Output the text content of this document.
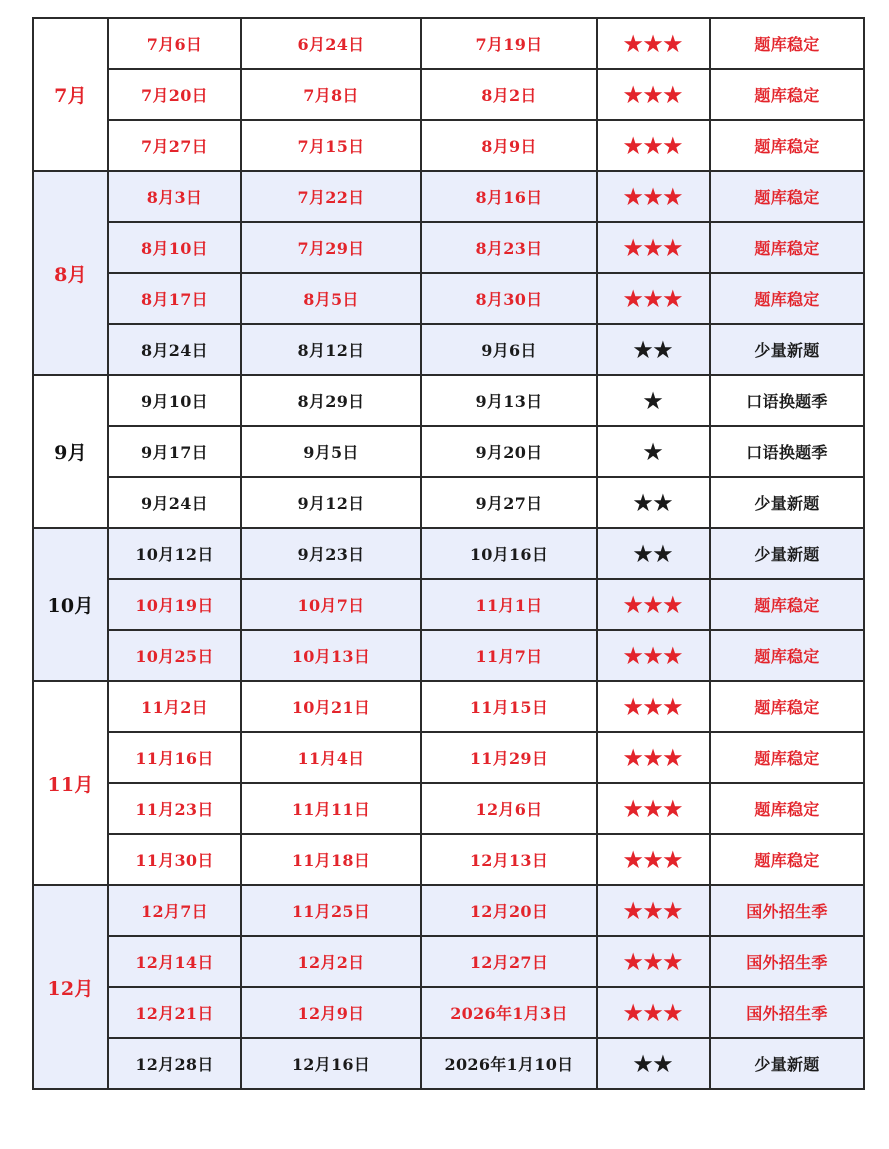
7月	7月6日	6月24日	7月19日	★★★	题库稳定
	7月20日	7月8日	8月2日	★★★	题库稳定
	7月27日	7月15日	8月9日	★★★	题库稳定
8月	8月3日	7月22日	8月16日	★★★	题库稳定
	8月10日	7月29日	8月23日	★★★	题库稳定
	8月17日	8月5日	8月30日	★★★	题库稳定
	8月24日	8月12日	9月6日	★★	少量新题
9月	9月10日	8月29日	9月13日	★	口语换题季
	9月17日	9月5日	9月20日	★	口语换题季
	9月24日	9月12日	9月27日	★★	少量新题
10月	10月12日	9月23日	10月16日	★★	少量新题
	10月19日	10月7日	11月1日	★★★	题库稳定
	10月25日	10月13日	11月7日	★★★	题库稳定
11月	11月2日	10月21日	11月15日	★★★	题库稳定
	11月16日	11月4日	11月29日	★★★	题库稳定
	11月23日	11月11日	12月6日	★★★	题库稳定
	11月30日	11月18日	12月13日	★★★	题库稳定
12月	12月7日	11月25日	12月20日	★★★	国外招生季
	12月14日	12月2日	12月27日	★★★	国外招生季
	12月21日	12月9日	2026年1月3日	★★★	国外招生季
	12月28日	12月16日	2026年1月10日	★★	少量新题
